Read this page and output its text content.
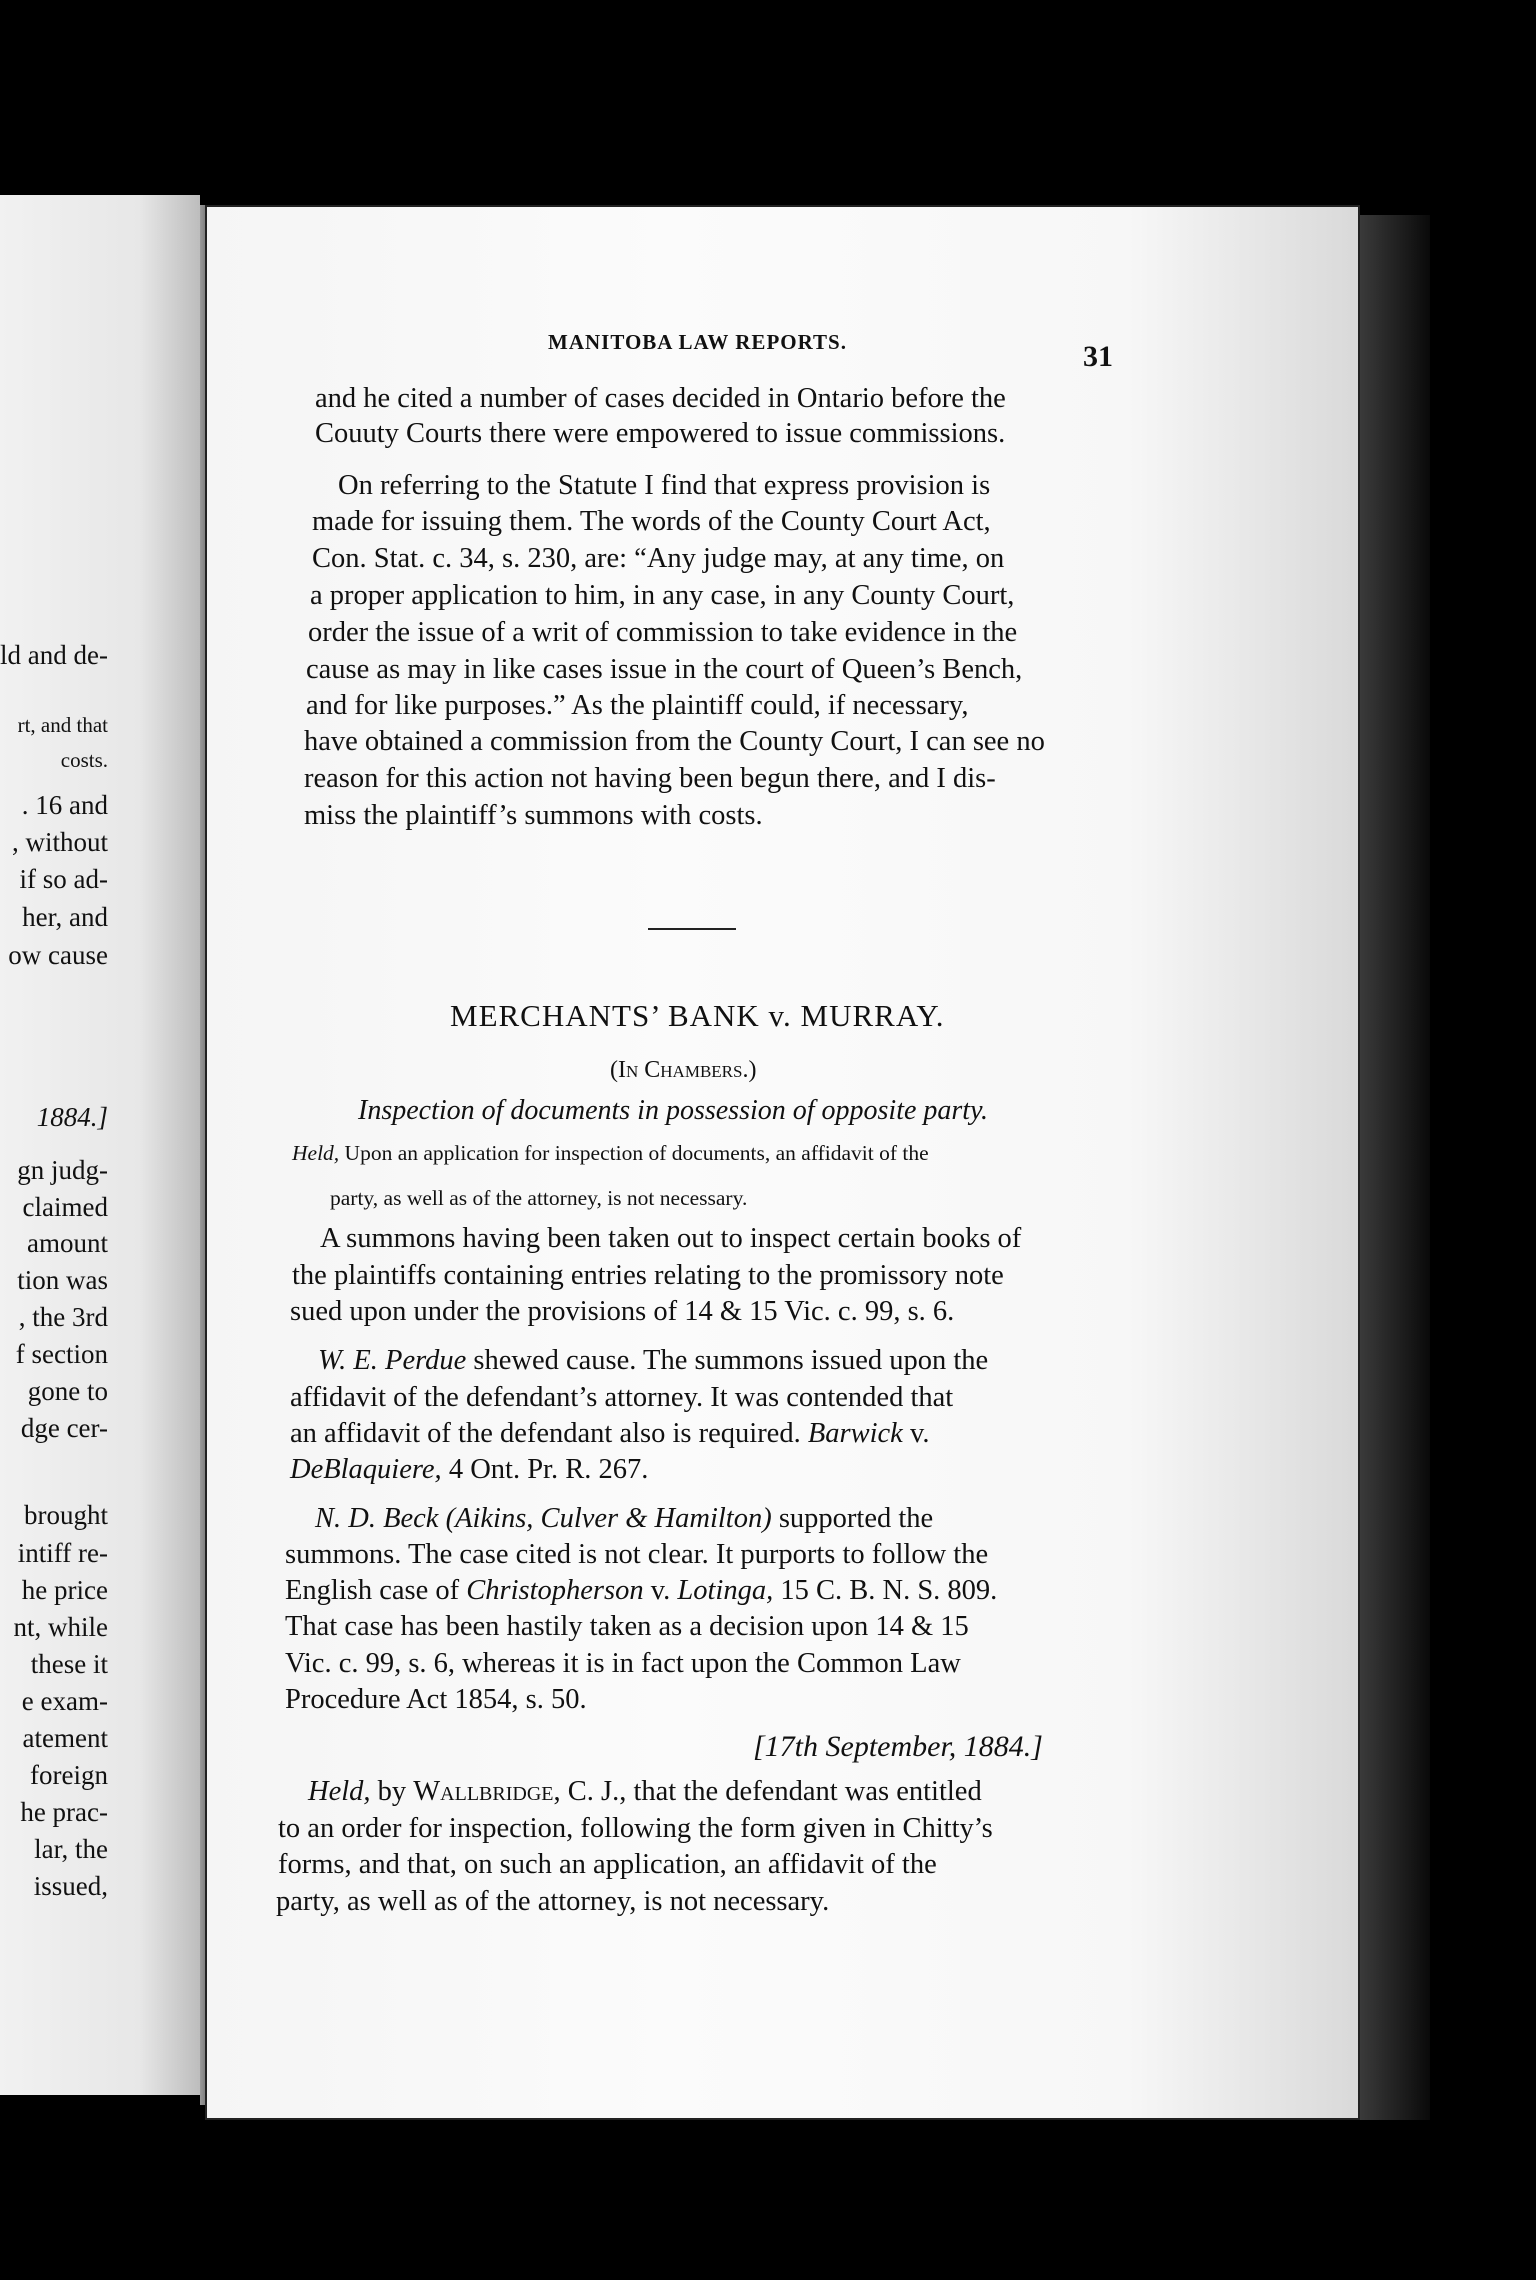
ld and de-
rt, and that
costs.
. 16 and
, without
if so ad-
her, and
ow cause
1884.]
gn judg-
claimed
amount
tion was
, the 3rd
f section
gone to
dge cer-
brought
intiff re-
he price
nt, while
these it
e exam-
atement
foreign
he prac-
lar, the
issued,
MANITOBA LAW REPORTS.	31
and he cited a number of cases decided in Ontario before the
Couuty Courts there were empowered to issue commissions.
On referring to the Statute I find that express provision is
made for issuing them. The words of the County Court Act,
Con. Stat. c. 34, s. 230, are: “Any judge may, at any time, on
a proper application to him, in any case, in any County Court,
order the issue of a writ of commission to take evidence in the
cause as may in like cases issue in the court of Queen’s Bench,
and for like purposes.” As the plaintiff could, if necessary,
have obtained a commission from the County Court, I can see no
reason for this action not having been begun there, and I dis-
miss the plaintiff’s summons with costs.
MERCHANTS’ BANK v. MURRAY.
(In Chambers.)
Inspection of documents in possession of opposite party.
Held, Upon an application for inspection of documents, an affidavit of the
party, as well as of the attorney, is not necessary.
A summons having been taken out to inspect certain books of
the plaintiffs containing entries relating to the promissory note
sued upon under the provisions of 14 & 15 Vic. c. 99, s. 6.
W. E. Perdue shewed cause. The summons issued upon the
affidavit of the defendant’s attorney. It was contended that
an affidavit of the defendant also is required. Barwick v.
DeBlaquiere, 4 Ont. Pr. R. 267.
N. D. Beck (Aikins, Culver & Hamilton) supported the
summons. The case cited is not clear. It purports to follow the
English case of Christopherson v. Lotinga, 15 C. B. N. S. 809.
That case has been hastily taken as a decision upon 14 & 15
Vic. c. 99, s. 6, whereas it is in fact upon the Common Law
Procedure Act 1854, s. 50.
[17th September, 1884.]
Held, by Wallbridge, C. J., that the defendant was entitled
to an order for inspection, following the form given in Chitty’s
forms, and that, on such an application, an affidavit of the
party, as well as of the attorney, is not necessary.
